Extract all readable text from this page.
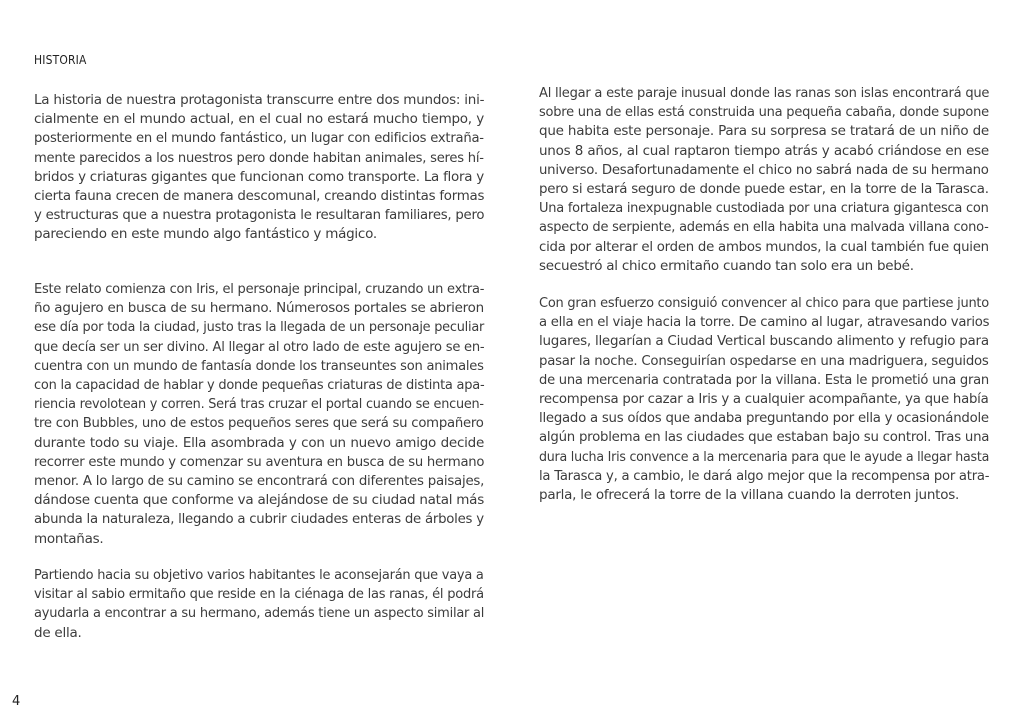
HISTORIA
La historia de nuestra protagonista transcurre entre dos mundos: ini-
cialmente en el mundo actual, en el cual no estará mucho tiempo, y
posteriormente en el mundo fantástico, un lugar con edificios extraña-
mente parecidos a los nuestros pero donde habitan animales, seres hí-
bridos y criaturas gigantes que funcionan como transporte. La flora y
cierta fauna crecen de manera descomunal, creando distintas formas
y estructuras que a nuestra protagonista le resultaran familiares, pero
pareciendo en este mundo algo fantástico y mágico.
Este relato comienza con Iris, el personaje principal, cruzando un extra-
ño agujero en busca de su hermano. Númerosos portales se abrieron
ese día por toda la ciudad, justo tras la llegada de un personaje peculiar
que decía ser un ser divino. Al llegar al otro lado de este agujero se en-
cuentra con un mundo de fantasía donde los transeuntes son animales
con la capacidad de hablar y donde pequeñas criaturas de distinta apa-
riencia revolotean y corren. Será tras cruzar el portal cuando se encuen-
tre con Bubbles, uno de estos pequeños seres que será su compañero
durante todo su viaje. Ella asombrada y con un nuevo amigo decide
recorrer este mundo y comenzar su aventura en busca de su hermano
menor. A lo largo de su camino se encontrará con diferentes paisajes,
dándose cuenta que conforme va alejándose de su ciudad natal más
abunda la naturaleza, llegando a cubrir ciudades enteras de árboles y
montañas.
Partiendo hacia su objetivo varios habitantes le aconsejarán que vaya a
visitar al sabio ermitaño que reside en la ciénaga de las ranas, él podrá
ayudarla a encontrar a su hermano, además tiene un aspecto similar al
de ella.
Al llegar a este paraje inusual donde las ranas son islas encontrará que
sobre una de ellas está construida una pequeña cabaña, donde supone
que habita este personaje. Para su sorpresa se tratará de un niño de
unos 8 años, al cual raptaron tiempo atrás y acabó criándose en ese
universo. Desafortunadamente el chico no sabrá nada de su hermano
pero si estará seguro de donde puede estar, en la torre de la Tarasca.
Una fortaleza inexpugnable custodiada por una criatura gigantesca con
aspecto de serpiente, además en ella habita una malvada villana cono-
cida por alterar el orden de ambos mundos, la cual también fue quien
secuestró al chico ermitaño cuando tan solo era un bebé.
Con gran esfuerzo consiguió convencer al chico para que partiese junto
a ella en el viaje hacia la torre. De camino al lugar, atravesando varios
lugares, llegarían a Ciudad Vertical buscando alimento y refugio para
pasar la noche. Conseguirían ospedarse en una madriguera, seguidos
de una mercenaria contratada por la villana. Esta le prometió una gran
recompensa por cazar a Iris y a cualquier acompañante, ya que había
llegado a sus oídos que andaba preguntando por ella y ocasionándole
algún problema en las ciudades que estaban bajo su control. Tras una
dura lucha Iris convence a la mercenaria para que le ayude a llegar hasta
la Tarasca y, a cambio, le dará algo mejor que la recompensa por atra-
parla, le ofrecerá la torre de la villana cuando la derroten juntos.
4
